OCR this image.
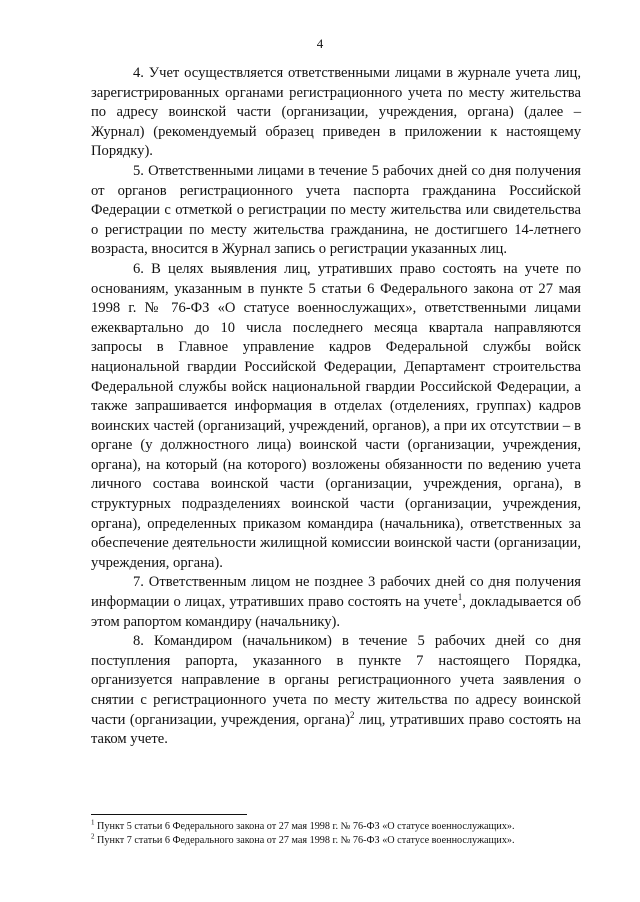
4

4. Учет осуществляется ответственными лицами в журнале учета лиц, зарегистрированных органами регистрационного учета по месту жительства по адресу воинской части (организации, учреждения, органа) (далее – Журнал) (рекомендуемый образец приведен в приложении к настоящему Порядку).

5. Ответственными лицами в течение 5 рабочих дней со дня получения от органов регистрационного учета паспорта гражданина Российской Федерации с отметкой о регистрации по месту жительства или свидетельства о регистрации по месту жительства гражданина, не достигшего 14-летнего возраста, вносится в Журнал запись о регистрации указанных лиц.

6. В целях выявления лиц, утративших право состоять на учете по основаниям, указанным в пункте 5 статьи 6 Федерального закона от 27 мая 1998 г. № 76-ФЗ «О статусе военнослужащих», ответственными лицами ежеквартально до 10 числа последнего месяца квартала направляются запросы в Главное управление кадров Федеральной службы войск национальной гвардии Российской Федерации, Департамент строительства Федеральной службы войск национальной гвардии Российской Федерации, а также запрашивается информация в отделах (отделениях, группах) кадров воинских частей (организаций, учреждений, органов), а при их отсутствии – в органе (у должностного лица) воинской части (организации, учреждения, органа), на который (на которого) возложены обязанности по ведению учета личного состава воинской части (организации, учреждения, органа), в структурных подразделениях воинской части (организации, учреждения, органа), определенных приказом командира (начальника), ответственных за обеспечение деятельности жилищной комиссии воинской части (организации, учреждения, органа).

7. Ответственным лицом не позднее 3 рабочих дней со дня получения информации о лицах, утративших право состоять на учете$^1$, докладывается об этом рапортом командиру (начальнику).

8. Командиром (начальником) в течение 5 рабочих дней со дня поступления рапорта, указанного в пункте 7 настоящего Порядка, организуется направление в органы регистрационного учета заявления о снятии с регистрационного учета по месту жительства по адресу воинской части (организации, учреждения, органа)$^2$ лиц, утративших право состоять на таком учете.

$^1$ Пункт 5 статьи 6 Федерального закона от 27 мая 1998 г. № 76-ФЗ «О статусе военнослужащих».

$^2$ Пункт 7 статьи 6 Федерального закона от 27 мая 1998 г. № 76-ФЗ «О статусе военнослужащих».
